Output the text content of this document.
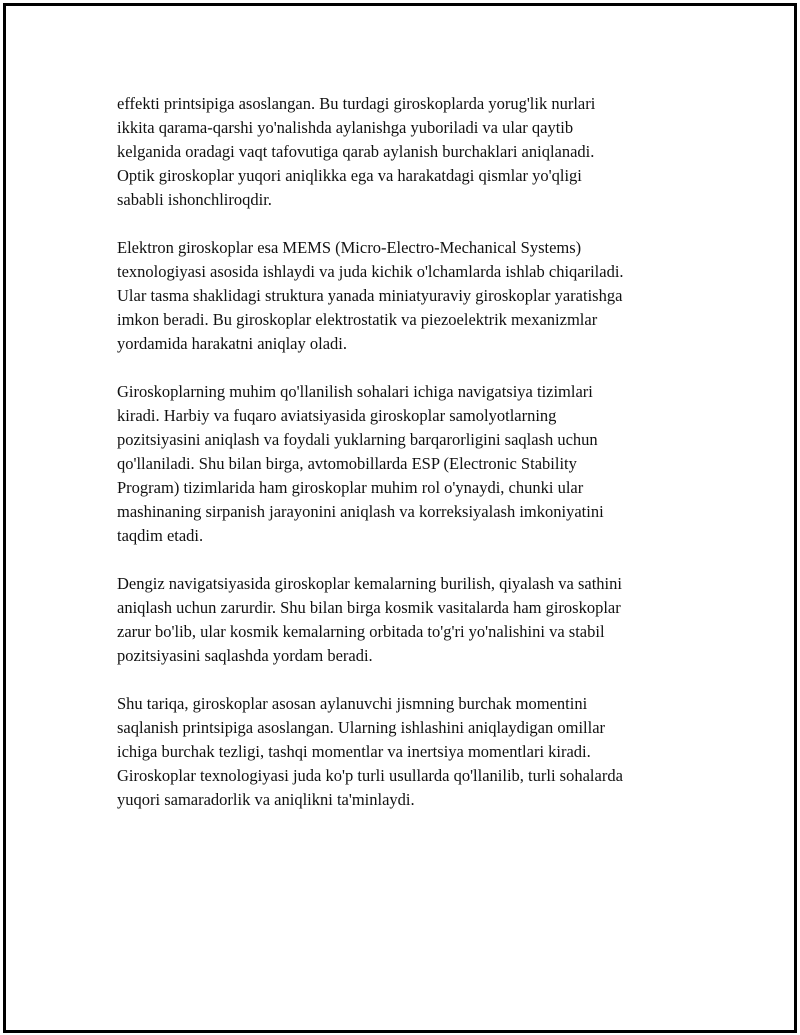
effekti printsipiga asoslangan. Bu turdagi giroskoplarda yorug'lik nurlari
ikkita qarama-qarshi yo'nalishda aylanishga yuboriladi va ular qaytib
kelganida oradagi vaqt tafovutiga qarab aylanish burchaklari aniqlanadi.
Optik giroskoplar yuqori aniqlikka ega va harakatdagi qismlar yo'qligi
sababli ishonchliroqdir.

Elektron giroskoplar esa MEMS (Micro-Electro-Mechanical Systems)
texnologiyasi asosida ishlaydi va juda kichik o'lchamlarda ishlab chiqariladi.
Ular tasma shaklidagi struktura yanada miniatyuraviy giroskoplar yaratishga
imkon beradi. Bu giroskoplar elektrostatik va piezoelektrik mexanizmlar
yordamida harakatni aniqlay oladi.

Giroskoplarning muhim qo'llanilish sohalari ichiga navigatsiya tizimlari
kiradi. Harbiy va fuqaro aviatsiyasida giroskoplar samolyotlarning
pozitsiyasini aniqlash va foydali yuklarning barqarorligini saqlash uchun
qo'llaniladi. Shu bilan birga, avtomobillarda ESP (Electronic Stability
Program) tizimlarida ham giroskoplar muhim rol o'ynaydi, chunki ular
mashinaning sirpanish jarayonini aniqlash va korreksiyalash imkoniyatini
taqdim etadi.

Dengiz navigatsiyasida giroskoplar kemalarning burilish, qiyalash va sathini
aniqlash uchun zarurdir. Shu bilan birga kosmik vasitalarda ham giroskoplar
zarur bo'lib, ular kosmik kemalarning orbitada to'g'ri yo'nalishini va stabil
pozitsiyasini saqlashda yordam beradi.

Shu tariqa, giroskoplar asosan aylanuvchi jismning burchak momentini
saqlanish printsipiga asoslangan. Ularning ishlashini aniqlaydigan omillar
ichiga burchak tezligi, tashqi momentlar va inertsiya momentlari kiradi.
Giroskoplar texnologiyasi juda ko'p turli usullarda qo'llanilib, turli sohalarda
yuqori samaradorlik va aniqlikni ta'minlaydi.
